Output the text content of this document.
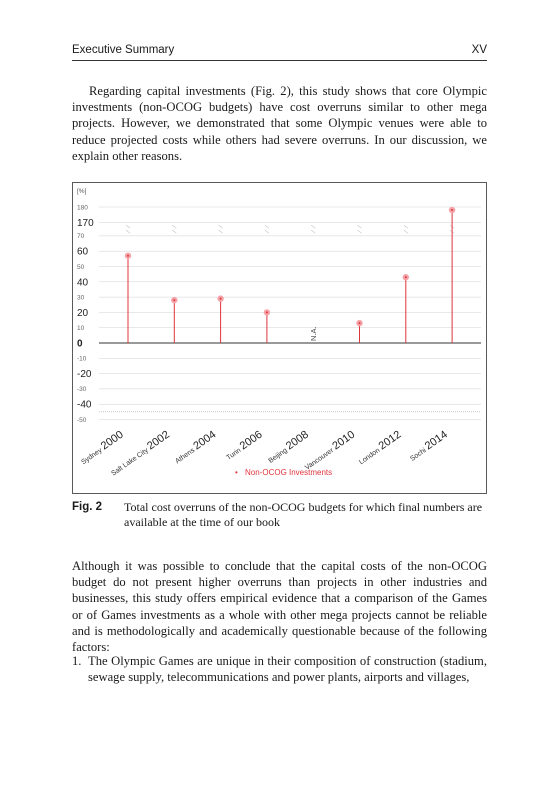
Executive Summary	XV

Regarding capital investments (Fig. 2), this study shows that core Olympic investments (non-OCOG budgets) have cost overruns similar to other mega projects. However, we demonstrated that some Olympic venues were able to reduce projected costs while others had severe overruns. In our discussion, we explain other reasons.

[%]
180
170
70
60
50
40
30
20
10
0
-10
-20
-30
-40
-50
Sydney 2000
Salt Lake City 2002
Athens 2004
Turin 2006
N.A.
Beijing 2008
Vancouver 2010
London 2012
Sochi 2014
• Non-OCOG Investments
Fig. 2 Total cost overruns of the non-OCOG budgets for which final numbers are available at the time of our book

Although it was possible to conclude that the capital costs of the non-OCOG budget do not present higher overruns than projects in other industries and businesses, this study offers empirical evidence that a comparison of the Games or of Games investments as a whole with other mega projects cannot be reliable and is methodologically and academically questionable because of the following factors:

1. The Olympic Games are unique in their composition of construction (stadium, sewage supply, telecommunications and power plants, airports and villages,
